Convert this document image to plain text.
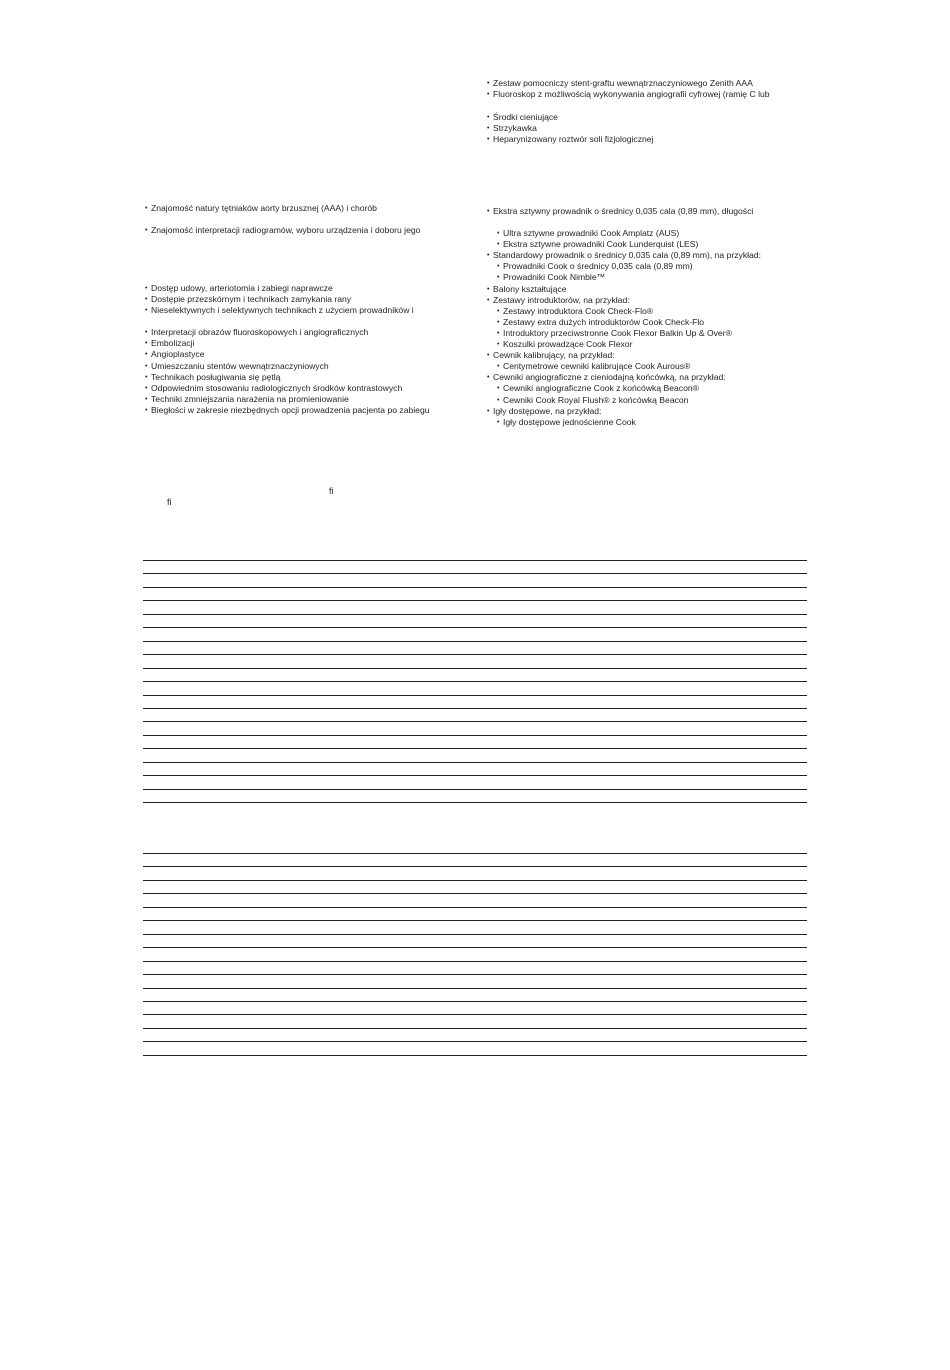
• Zestaw pomocniczy stent-graftu wewnątrznaczyniowego Zenith AAA
• Fluoroskop z możliwością wykonywania angiografii cyfrowej (ramię C lub
• Środki cieniujące
• Strzykawka
• Heparynizowany roztwór soli fizjologicznej
• Znajomość natury tętniaków aorty brzusznej (AAA) i chorób
• Znajomość interpretacji radiogramów, wyboru urządzenia i doboru jego
• Dostęp udowy, arteriotomia i zabiegi naprawcze
• Dostępie przezskórnym i technikach zamykania rany
• Nieselektywnych i selektywnych technikach z użyciem prowadników i
• Interpretacji obrazów fluoroskopowych i angiograficznych
• Embolizacji
• Angioplastyce
• Umieszczaniu stentów wewnątrznaczyniowych
• Technikach posługiwania się pętlą
• Odpowiednim stosowaniu radiologicznych środków kontrastowych
• Techniki zmniejszania narażenia na promieniowanie
• Biegłości w zakresie niezbędnych opcji prowadzenia pacjenta po zabiegu
• Ekstra sztywny prowadnik o średnicy 0,035 cala (0,89 mm), długości
• Ultra sztywne prowadniki Cook Amplatz (AUS)
• Ekstra sztywne prowadniki Cook Lunderquist (LES)
• Standardowy prowadnik o średnicy 0,035 cala (0,89 mm), na przykład:
• Prowadniki Cook o średnicy 0,035 cala (0,89 mm)
• Prowadniki Cook Nimble™
• Balony kształtujące
• Zestawy introduktorów, na przykład:
• Zestawy introduktora Cook Check-Flo®
• Zestawy extra dużych introduktorów Cook Check-Flo
• Introduktory przeciwstronne Cook Flexor Balkin Up & Over®
• Koszulki prowadzące Cook Flexor
• Cewnik kalibrujący, na przykład:
• Centymetrowe cewniki kalibrujące Cook Aurous®
• Cewniki angiograficzne z cieniodajną końcówką, na przykład:
• Cewniki angiograficzne Cook z końcówką Beacon®
• Cewniki Cook Royal Flush® z końcówką Beacon
• Igły dostępowe, na przykład:
• Igły dostępowe jednościenne Cook
ﬁ
ﬁ
